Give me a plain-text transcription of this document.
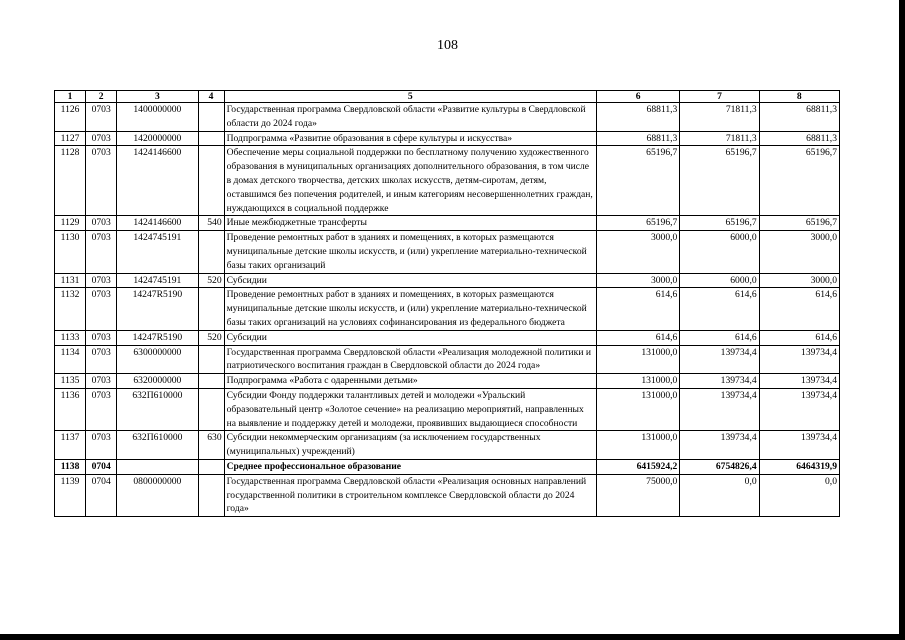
108
1	2	3	4	5	6	7	8
1126	0703	1400000000		Государственная программа Свердловской области «Развитие культуры в Свердловской области до 2024 года»	68811,3	71811,3	68811,3
1127	0703	1420000000		Подпрограмма «Развитие образования в сфере культуры и искусства»	68811,3	71811,3	68811,3
1128	0703	1424146600		Обеспечение меры социальной поддержки по бесплатному получению художественного образования в муниципальных организациях дополнительного образования, в том числе в домах детского творчества, детских школах искусств, детям-сиротам, детям, оставшимся без попечения родителей, и иным категориям несовершеннолетних граждан, нуждающихся в социальной поддержке	65196,7	65196,7	65196,7
1129	0703	1424146600	540	Иные межбюджетные трансферты	65196,7	65196,7	65196,7
1130	0703	1424745191		Проведение ремонтных работ в зданиях и помещениях, в которых размещаются муниципальные детские школы искусств, и (или) укрепление материально-технической базы таких организаций	3000,0	6000,0	3000,0
1131	0703	1424745191	520	Субсидии	3000,0	6000,0	3000,0
1132	0703	14247R5190		Проведение ремонтных работ в зданиях и помещениях, в которых размещаются муниципальные детские школы искусств, и (или) укрепление материально-технической базы таких организаций на условиях софинансирования из федерального бюджета	614,6	614,6	614,6
1133	0703	14247R5190	520	Субсидии	614,6	614,6	614,6
1134	0703	6300000000		Государственная программа Свердловской области «Реализация молодежной политики и патриотического воспитания граждан в Свердловской области до 2024 года»	131000,0	139734,4	139734,4
1135	0703	6320000000		Подпрограмма «Работа с одаренными детьми»	131000,0	139734,4	139734,4
1136	0703	632П610000		Субсидии Фонду поддержки талантливых детей и молодежи «Уральский образовательный центр «Золотое сечение» на реализацию мероприятий, направленных на выявление и поддержку детей и молодежи, проявивших выдающиеся способности	131000,0	139734,4	139734,4
1137	0703	632П610000	630	Субсидии некоммерческим организациям (за исключением государственных (муниципальных) учреждений)	131000,0	139734,4	139734,4
1138	0704			Среднее профессиональное образование	6415924,2	6754826,4	6464319,9
1139	0704	0800000000		Государственная программа Свердловской области «Реализация основных направлений государственной политики в строительном комплексе Свердловской области до 2024 года»	75000,0	0,0	0,0
